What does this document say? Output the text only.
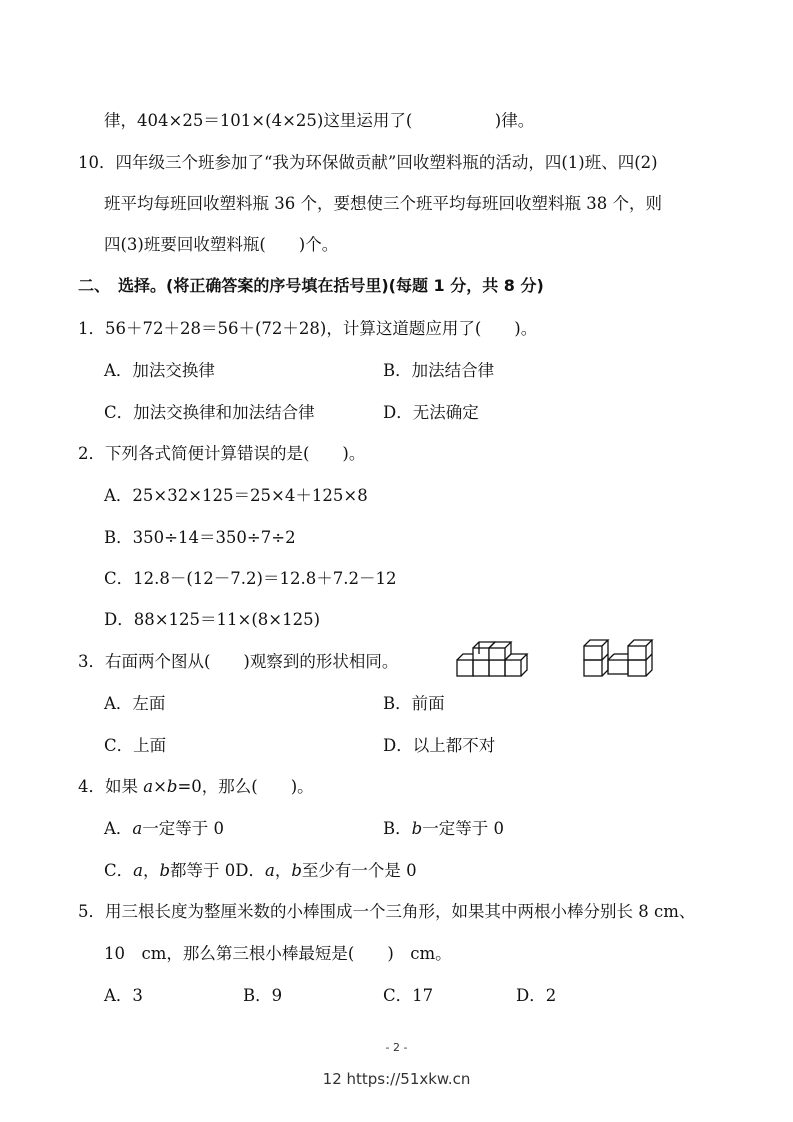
律，404×25＝101×(4×25)这里运用了(　　　　　)律。
10．四年级三个班参加了“我为环保做贡献”回收塑料瓶的活动，四(1)班、四(2)
班平均每班回收塑料瓶 36 个，要想使三个班平均每班回收塑料瓶 38 个，则
四(3)班要回收塑料瓶(　　)个。
二、　选择。(将正确答案的序号填在括号里)(每题 1 分，共 8 分)
1．56＋72＋28＝56＋(72＋28)，计算这道题应用了(　　)。
A．加法交换律	B．加法结合律
C．加法交换律和加法结合律	D．无法确定
2．下列各式简便计算错误的是(　　)。
A．25×32×125＝25×4＋125×8
B．350÷14＝350÷7÷2
C．12.8－(12－7.2)＝12.8＋7.2－12
D．88×125＝11×(8×125)
3．右面两个图从(　　)观察到的形状相同。
A．左面	B．前面
C．上面	D．以上都不对
4．如果 a×b=0，那么(　　)。
A．a一定等于 0	B．b一定等于 0
C．a，b都等于 0D．a，b至少有一个是 0
5．用三根长度为整厘米数的小棒围成一个三角形，如果其中两根小棒分别长 8 cm、
10　cm，那么第三根小棒最短是(　　)　cm。
A．3	B．9	C．17	D．2
- 2 -
12 https://51xkw.cn
